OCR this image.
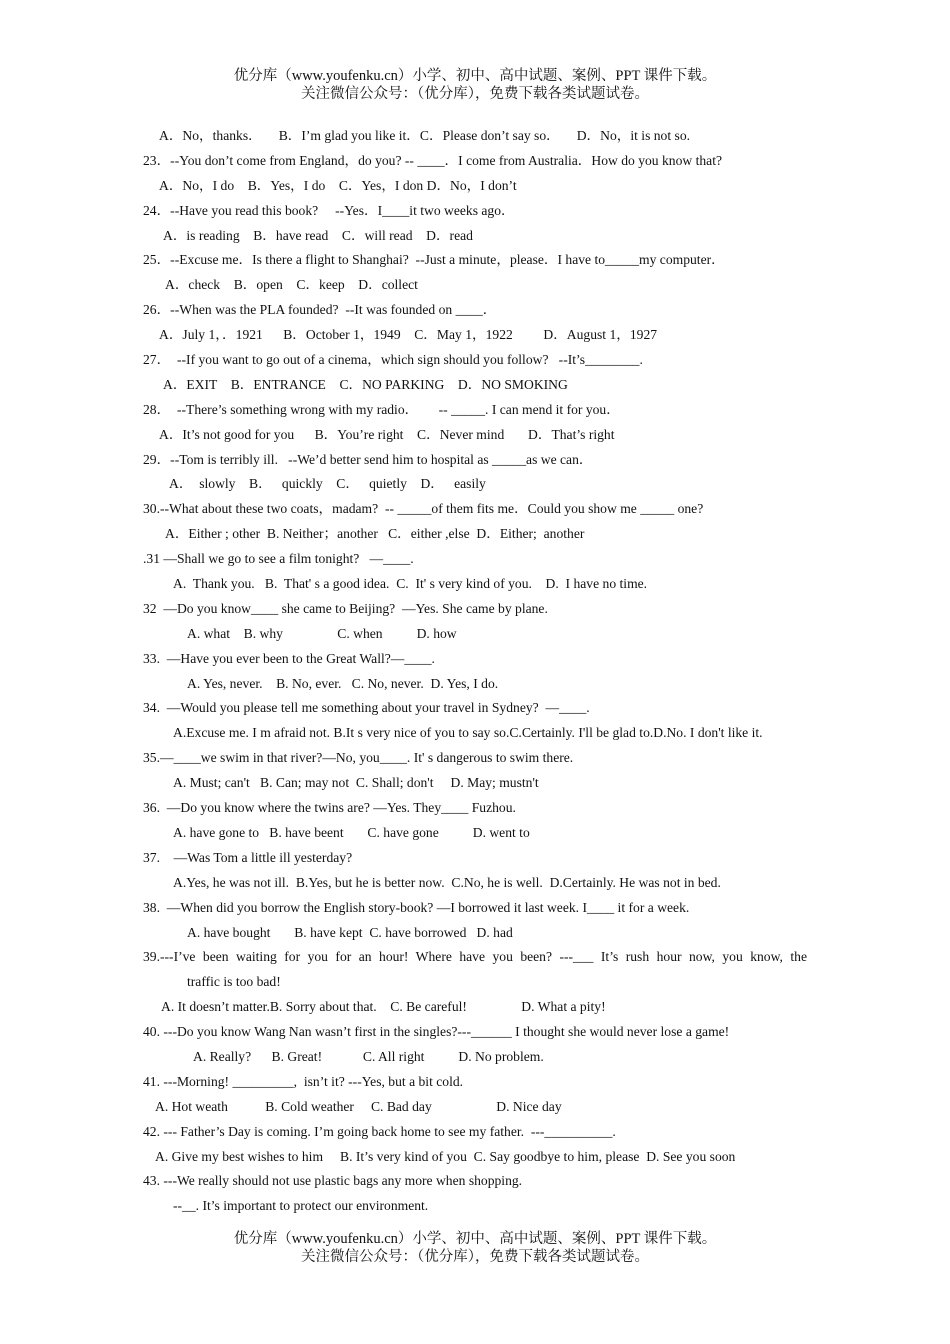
优分库（www.youfenku.cn）小学、初中、高中试题、案例、PPT 课件下载。
关注微信公众号：（优分库），免费下载各类试题试卷。
A．No，thanks．     B．I’m glad you like it．C．Please don’t say so．     D．No，it is not so.
23．--You don’t come from England，do you? -- ____．I come from Australia．How do you know that?
A．No，I do    B．Yes，I do    C．Yes，I don D．No，I don’t
24．--Have you read this book?     --Yes．I____it two weeks ago．
A．is reading    B．have read    C．will read    D．read
25．--Excuse me．Is there a flight to Shanghai?  --Just a minute，please．I have to_____my computer．
A．check    B．open    C．keep    D．collect
26．--When was the PLA founded?  --It was founded on ____．
A．July 1，．1921      B．October 1，1949    C．May 1，1922         D．August 1，1927
27．  --If you want to go out of a cinema，which sign should you follow?   --It’s________.
A．EXIT    B．ENTRANCE    C．NO PARKING    D．NO SMOKING
28．  --There’s something wrong with my radio．      -- _____. I can mend it for you．
A．It’s not good for you      B．You’re right    C．Never mind       D．That’s right
29．--Tom is terribly ill.   --We’d better send him to hospital as _____as we can．
A．  slowly    B．   quickly    C．   quietly    D．   easily
30.--What about these two coats，madam?  -- _____of them fits me．Could you show me _____ one?
A．Either ; other  B. Neither；another   C．either ,else  D．Either;  another
.31 —Shall we go to see a film tonight?   —____.
A.  Thank you.   B.  That' s a good idea.  C.  It' s very kind of you.    D.  I have no time.
32  —Do you know____ she came to Beijing?  —Yes. She came by plane.
A. what    B. why                C. when          D. how
33.  —Have you ever been to the Great Wall?—____.
A. Yes, never.    B. No, ever.   C. No, never.  D. Yes, I do.
34.  —Would you please tell me something about your travel in Sydney?  —____.
A.Excuse me. I m afraid not. B.It s very nice of you to say so.C.Certainly. I'll be glad to.D.No. I don't like it.
35.—____we swim in that river?—No, you____. It' s dangerous to swim there.
A. Must; can't   B. Can; may not  C. Shall; don't     D. May; mustn't
36.  —Do you know where the twins are? —Yes. They____ Fuzhou.
A. have gone to   B. have beent       C. have gone          D. went to
37.    —Was Tom a little ill yesterday?
A.Yes, he was not ill.  B.Yes, but he is better now.  C.No, he is well.  D.Certainly. He was not in bed.
38.  —When did you borrow the English story-book? —I borrowed it last week. I____ it for a week.
A. have bought       B. have kept  C. have borrowed   D. had
39.---I’ve been waiting for you for an hour! Where have you been? ---___ It’s rush hour now, you know, the
traffic is too bad!
A. It doesn’t matter.B. Sorry about that.    C. Be careful!                D. What a pity!
40. ---Do you know Wang Nan wasn’t first in the singles?---______ I thought she would never lose a game!
A. Really?      B. Great!            C. All right          D. No problem.
41. ---Morning! _________,  isn’t it? ---Yes, but a bit cold.
A. Hot weath           B. Cold weather     C. Bad day                   D. Nice day
42. --- Father’s Day is coming. I’m going back home to see my father.  ---__________.
A. Give my best wishes to him     B. It’s very kind of you  C. Say goodbye to him, please  D. See you soon
43. ---We really should not use plastic bags any more when shopping.
--__. It’s important to protect our environment.
优分库（www.youfenku.cn）小学、初中、高中试题、案例、PPT 课件下载。
关注微信公众号：（优分库），免费下载各类试题试卷。
